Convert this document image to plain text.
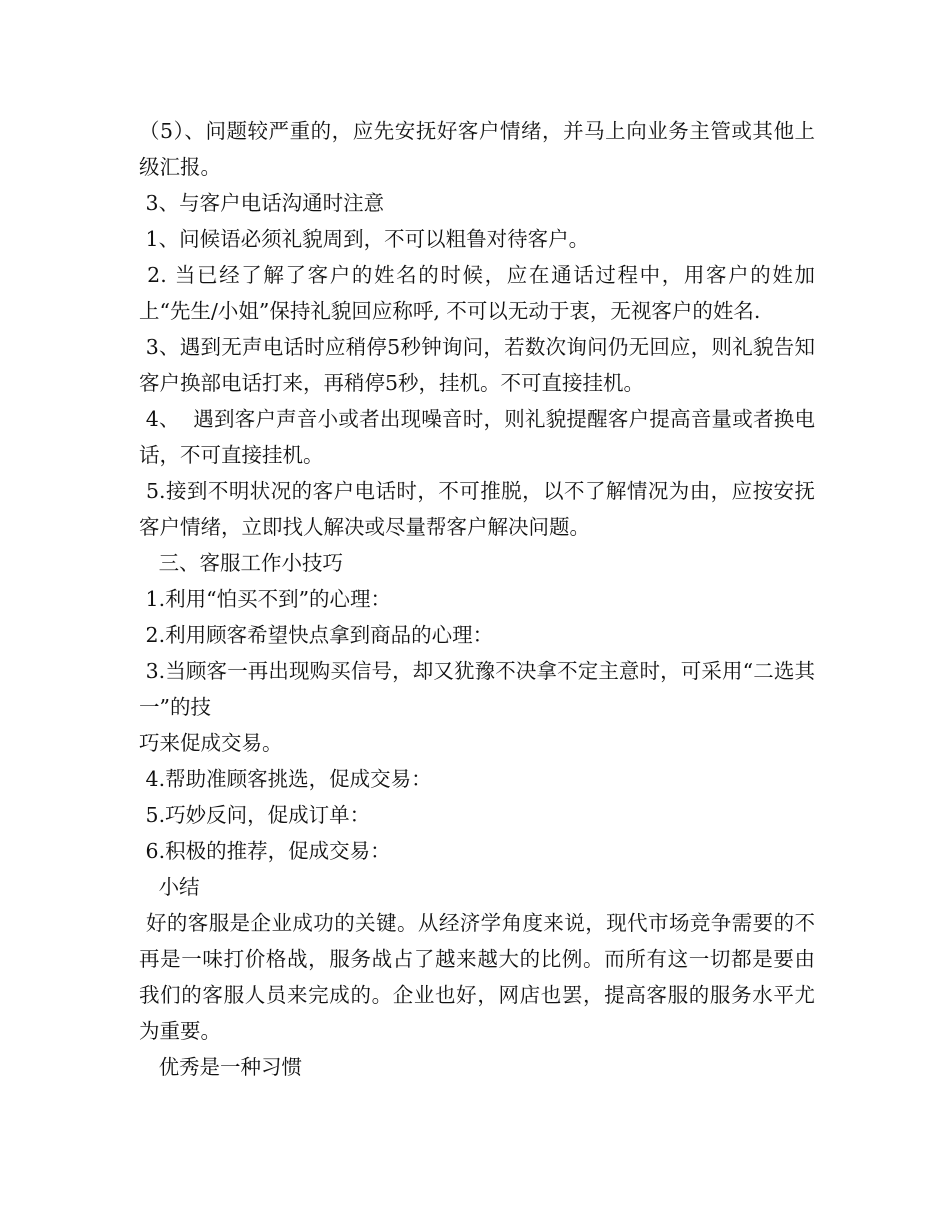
（5）、问题较严重的，应先安抚好客户情绪，并马上向业务主管或其他上级汇报。

3、与客户电话沟通时注意

1、问候语必须礼貌周到，不可以粗鲁对待客户。

2. 当已经了解了客户的姓名的时候，应在通话过程中，用客户的姓加上“先生/小姐”保持礼貌回应称呼, 不可以无动于衷，无视客户的姓名.

3、遇到无声电话时应稍停5秒钟询问，若数次询问仍无回应，则礼貌告知客户换部电话打来，再稍停5秒，挂机。不可直接挂机。

4、  遇到客户声音小或者出现噪音时，则礼貌提醒客户提高音量或者换电话，不可直接挂机。

5.接到不明状况的客户电话时，不可推脱，以不了解情况为由，应按安抚客户情绪，立即找人解决或尽量帮客户解决问题。

三、客服工作小技巧

1.利用“怕买不到”的心理：

2.利用顾客希望快点拿到商品的心理：

3.当顾客一再出现购买信号，却又犹豫不决拿不定主意时，可采用“二选其一”的技

巧来促成交易。

4.帮助准顾客挑选，促成交易：

5.巧妙反问，促成订单：

6.积极的推荐，促成交易：

小结

好的客服是企业成功的关键。从经济学角度来说，现代市场竞争需要的不再是一味打价格战，服务战占了越来越大的比例。而所有这一切都是要由我们的客服人员来完成的。企业也好，网店也罢，提高客服的服务水平尤为重要。

优秀是一种习惯
